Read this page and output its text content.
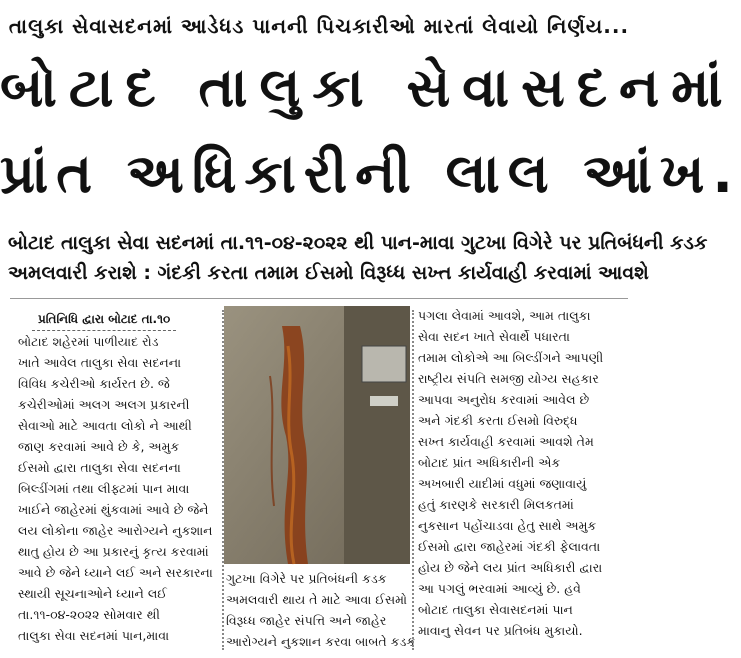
તાલુકા સેવાસદનમાં આડેધડ પાનની પિચકારીઓ મારતાં લેવાયો નિર્ણય...
બોટાદ તાલુકા સેવાસદનમાં
પ્રાંત અધિકારીની લાલ આંખ.
બોટાદ તાલુકા સેવા સદનમાં તા.૧૧-૦૪-૨૦૨૨ થી પાન-માવા ગુટખા વિગેરે પર પ્રતિબંધની કડક
અમલવારી કરાશે : ગંદકી કરતા તમામ ઈસમો વિરૂધ્ધ સખ્ત કાર્યવાહી કરવામાં આવશે
પ્રતિનિધિ દ્વારા બોટાદ તા.૧૦
બોટાદ શહેરમાં પાળીયાદ રોડ
ખાતે આવેલ તાલુકા સેવા સદનના
વિવિધ કચેરીઓ કાર્યરત છે. જે
કચેરીઓમાં અલગ અલગ પ્રકારની
સેવાઓ માટે આવતા લોકો ને આથી
જાણ કરવામાં આવે છે કે, અમુક
ઈસમો દ્વારા તાલુકા સેવા સદનના
બિલ્ડીંગમાં તથા લીફ્ટમાં પાન માવા
ખાઈને જાહેરમાં થુંકવામાં આવે છે જેને
લય લોકોના જાહેર આરોગ્યને નુકશાન
થાતુ હોય છે આ પ્રકારનું કૃત્ય કરવામાં
આવે છે જેને ધ્યાને લઈ અને સરકારના
સ્થાયી સૂચનાઓને ધ્યાને લઈ
તા.૧૧-૦૪-૨૦૨૨ સોમવાર થી
તાલુકા સેવા સદનમાં પાન,માવા
ગુટખા વિગેરે પર પ્રતિબંધની કડક
અમલવારી થાય તે માટે આવા ઈસમો
વિરૂધ્ધ જાહેર સંપત્તિ અને જાહેર
આરોગ્યને નુકશાન કરવા બાબતે કડક
પગલા લેવામાં આવશે, આમ તાલુકા
સેવા સદન ખાતે સેવાર્થે પધારતા
તમામ લોકોએ આ બિલ્ડીંગને આપણી
રાષ્ટ્રીય સંપતિ સમજી યોગ્ય સહકાર
આપવા અનુરોધ કરવામાં આવેલ છે
અને ગંદકી કરતા ઈસમો વિરુદ્ધ
સખ્ત કાર્યવાહી કરવામાં આવશે તેમ
બોટાદ પ્રાંત અધિકારીની એક
અખબારી યાદીમાં વધુમાં જણાવાયું
હતું કારણકે સરકારી મિલકતમાં
નુકસાન પહોંચાડવા હેતુ સાથે અમુક
ઈસમો દ્વારા જાહેરમાં ગંદકી ફેલાવતા
હોય છે જેને લય પ્રાંત અધિકારી દ્વારા
આ પગલું ભરવામાં આવ્યું છે. હવે
બોટાદ તાલુકા સેવાસદનમાં પાન
માવાનુ સેવન પર પ્રતિબંધ મુકાયો.
